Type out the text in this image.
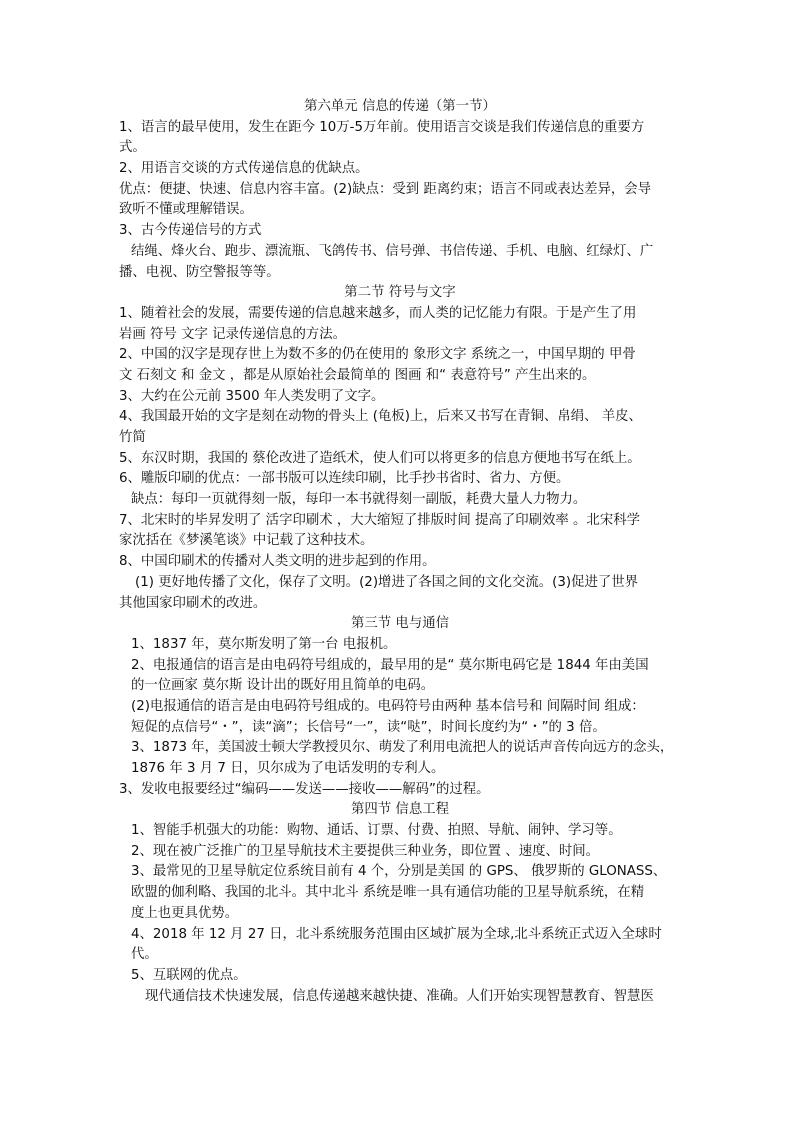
第六单元 信息的传递（第一节）
1、语言的最早使用，发生在距今 10万-5万年前。使用语言交谈是我们传递信息的重要方
式。
2、用语言交谈的方式传递信息的优缺点。
优点：便捷、快速、信息内容丰富。(2)缺点：受到 距离约束；语言不同或表达差异，会导
致听不懂或理解错误。
3、古今传递信号的方式
结绳、烽火台、跑步、漂流瓶、飞鸽传书、信号弹、书信传递、手机、电脑、红绿灯、广
播、电视、防空警报等等。
第二节 符号与文字
1、随着社会的发展，需要传递的信息越来越多，而人类的记忆能力有限。于是产生了用
岩画 符号 文字 记录传递信息的方法。
2、中国的汉字是现存世上为数不多的仍在使用的 象形文字 系统之一，中国早期的 甲骨
文 石刻文 和 金文 ，都是从原始社会最简单的 图画 和“ 表意符号” 产生出来的。
3、大约在公元前 3500 年人类发明了文字。
4、我国最开始的文字是刻在动物的骨头上 (龟板)上，后来又书写在青铜、帛绢、 羊皮、
竹简
5、东汉时期，我国的 蔡伦改进了造纸术，使人们可以将更多的信息方便地书写在纸上。
6、雕版印刷的优点：一部书版可以连续印刷，比手抄书省时、省力、方便。
缺点：每印一页就得刻一版，每印一本书就得刻一副版，耗费大量人力物力。
7、北宋时的毕昇发明了 活字印刷术 ，大大缩短了排版时间 提高了印刷效率 。北宋科学
家沈括在《梦溪笔谈》中记载了这种技术。
8、中国印刷术的传播对人类文明的进步起到的作用。
(1) 更好地传播了文化，保存了文明。(2)增进了各国之间的文化交流。(3)促进了世界
其他国家印刷术的改进。
第三节 电与通信
1、1837 年，莫尔斯发明了第一台 电报机。
2、电报通信的语言是由电码符号组成的，最早用的是“ 莫尔斯电码它是 1844 年由美国
的一位画家 莫尔斯 设计出的既好用且简单的电码。
(2)电报通信的语言是由电码符号组成的。电码符号由两种 基本信号和 间隔时间 组成：
短促的点信号“・”，读“滴”；长信号“一”，读“哒”，时间长度约为“・”的 3 倍。
3、1873 年，美国波士顿大学教授贝尔、萌发了利用电流把人的说话声音传向远方的念头，
1876 年 3 月 7 日，贝尔成为了电话发明的专利人。
3、发收电报要经过“编码——发送——接收——解码”的过程。
第四节 信息工程
1、智能手机强大的功能：购物、通话、订票、付费、拍照、导航、闹钟、学习等。
2、现在被广泛推广的卫星导航技术主要提供三种业务，即位置 、速度、时间。
3、最常见的卫星导航定位系统目前有 4 个，分别是美国 的 GPS、 俄罗斯的 GLONASS、
欧盟的伽利略、我国的北斗。其中北斗 系统是唯一具有通信功能的卫星导航系统，在精
度上也更具优势。
4、2018 年 12 月 27 日，北斗系统服务范围由区域扩展为全球,北斗系统正式迈入全球时
代。
5、互联网的优点。
现代通信技术快速发展，信息传递越来越快捷、准确。人们开始实现智慧教育、智慧医
